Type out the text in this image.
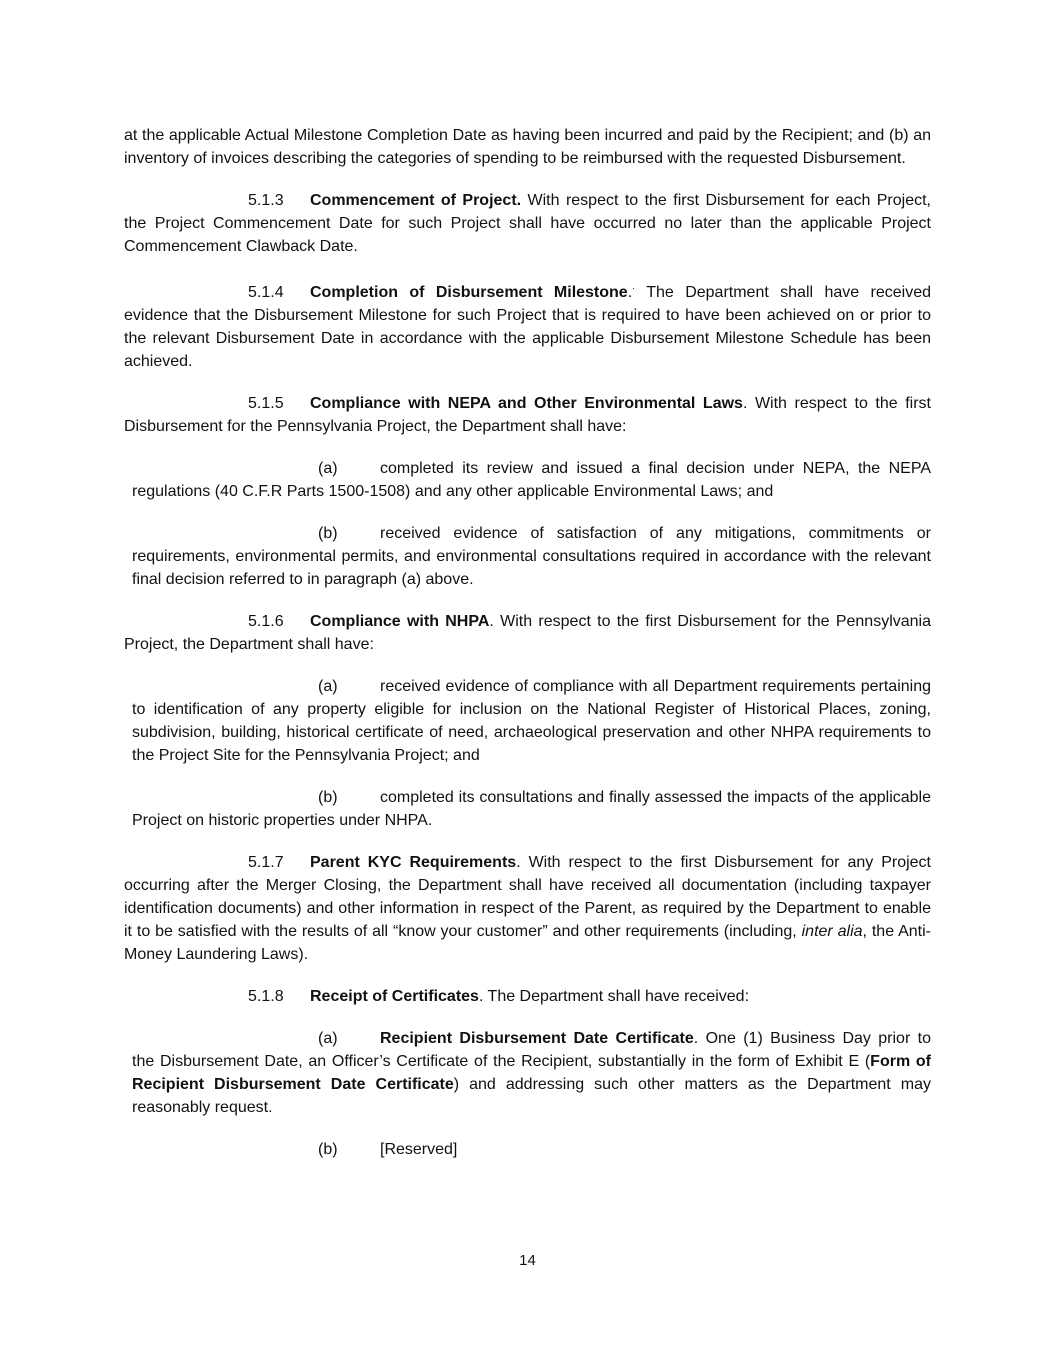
at the applicable Actual Milestone Completion Date as having been incurred and paid by the Recipient; and (b) an inventory of invoices describing the categories of spending to be reimbursed with the requested Disbursement.

5.1.3 Commencement of Project. With respect to the first Disbursement for each Project, the Project Commencement Date for such Project shall have occurred no later than the applicable Project Commencement Clawback Date.

5.1.4 Completion of Disbursement Milestone.· The Department shall have received evidence that the Disbursement Milestone for such Project that is required to have been achieved on or prior to the relevant Disbursement Date in accordance with the applicable Disbursement Milestone Schedule has been achieved.

5.1.5 Compliance with NEPA and Other Environmental Laws. With respect to the first Disbursement for the Pennsylvania Project, the Department shall have:

(a)	completed its review and issued a final decision under NEPA, the NEPA regulations (40 C.F.R Parts 1500-1508) and any other applicable Environmental Laws; and

(b)	received evidence of satisfaction of any mitigations, commitments or requirements, environmental permits, and environmental consultations required in accordance with the relevant final decision referred to in paragraph (a) above.

5.1.6 Compliance with NHPA. With respect to the first Disbursement for the Pennsylvania Project, the Department shall have:

(a)	received evidence of compliance with all Department requirements pertaining to identification of any property eligible for inclusion on the National Register of Historical Places, zoning, subdivision, building, historical certificate of need, archaeological preservation and other NHPA requirements to the Project Site for the Pennsylvania Project; and

(b)	completed its consultations and finally assessed the impacts of the applicable Project on historic properties under NHPA.

5.1.7 Parent KYC Requirements. With respect to the first Disbursement for any Project occurring after the Merger Closing, the Department shall have received all documentation (including taxpayer identification documents) and other information in respect of the Parent, as required by the Department to enable it to be satisfied with the results of all “know your customer” and other requirements (including, inter alia, the Anti-Money Laundering Laws).

5.1.8 Receipt of Certificates. The Department shall have received:

(a)	Recipient Disbursement Date Certificate. One (1) Business Day prior to the Disbursement Date, an Officer’s Certificate of the Recipient, substantially in the form of Exhibit E (Form of Recipient Disbursement Date Certificate) and addressing such other matters as the Department may reasonably request.

(b)	[Reserved]

14
